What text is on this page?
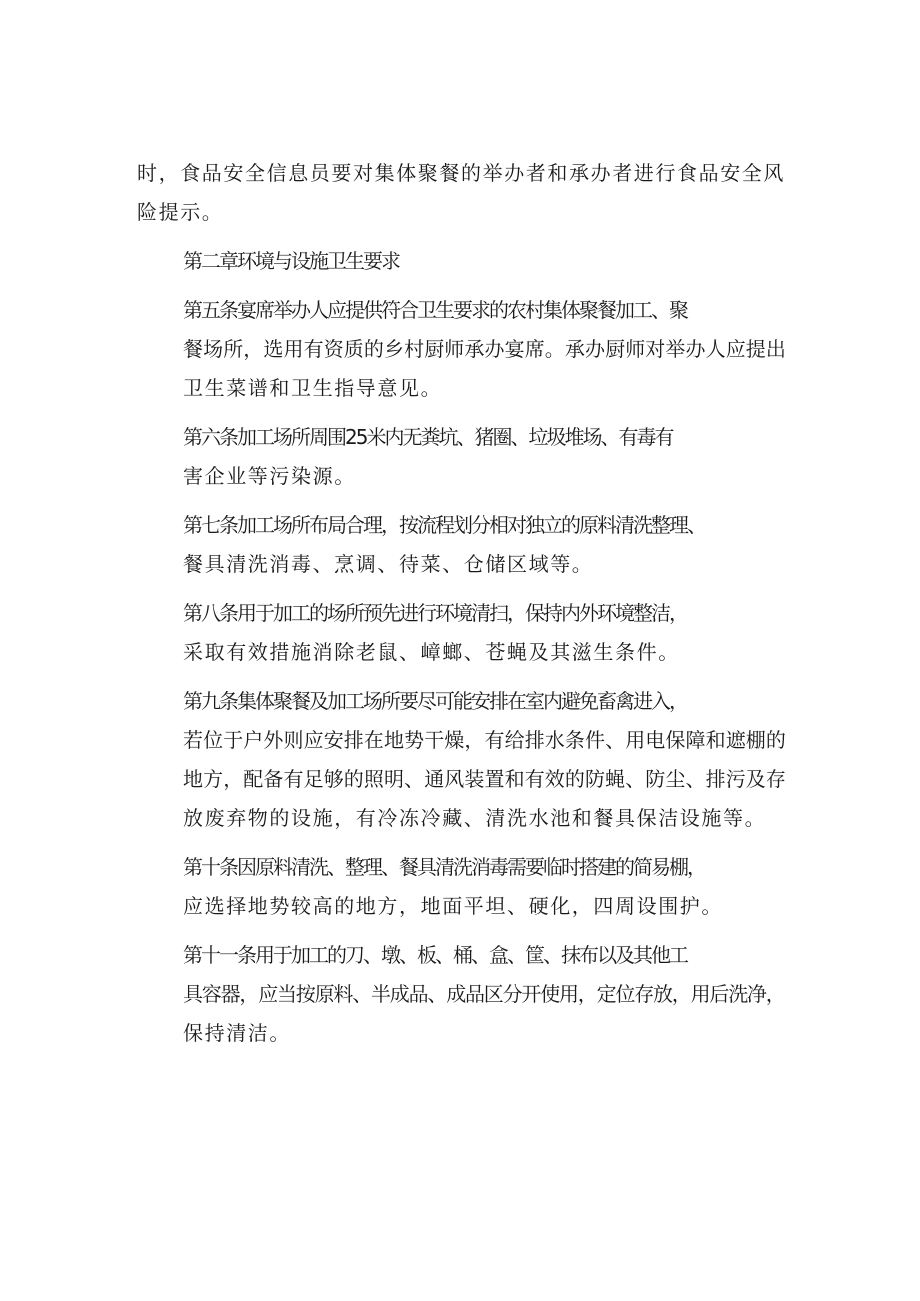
时，食品安全信息员要对集体聚餐的举办者和承办者进行食品安全风
险提示。

第二章环境与设施卫生要求

第五条宴席举办人应提供符合卫生要求的农村集体聚餐加工、聚
餐场所，选用有资质的乡村厨师承办宴席。承办厨师对举办人应提出
卫生菜谱和卫生指导意见。

第六条加工场所周围25米内无粪坑、猪圈、垃圾堆场、有毒有
害企业等污染源。

第七条加工场所布局合理，按流程划分相对独立的原料清洗整理、
餐具清洗消毒、烹调、待菜、仓储区域等。

第八条用于加工的场所预先进行环境清扫，保持内外环境整洁，
采取有效措施消除老鼠、嶂螂、苍蝇及其滋生条件。

第九条集体聚餐及加工场所要尽可能安排在室内避免畜禽进入，
若位于户外则应安排在地势干燥，有给排水条件、用电保障和遮棚的
地方，配备有足够的照明、通风装置和有效的防蝇、防尘、排污及存
放废弃物的设施，有冷冻冷藏、清洗水池和餐具保洁设施等。

第十条因原料清洗、整理、餐具清洗消毒需要临时搭建的简易棚，
应选择地势较高的地方，地面平坦、硬化，四周设围护。

第十一条用于加工的刀、墩、板、桶、盒、筐、抹布以及其他工
具容器，应当按原料、半成品、成品区分开使用，定位存放，用后洗净，
保持清洁。
